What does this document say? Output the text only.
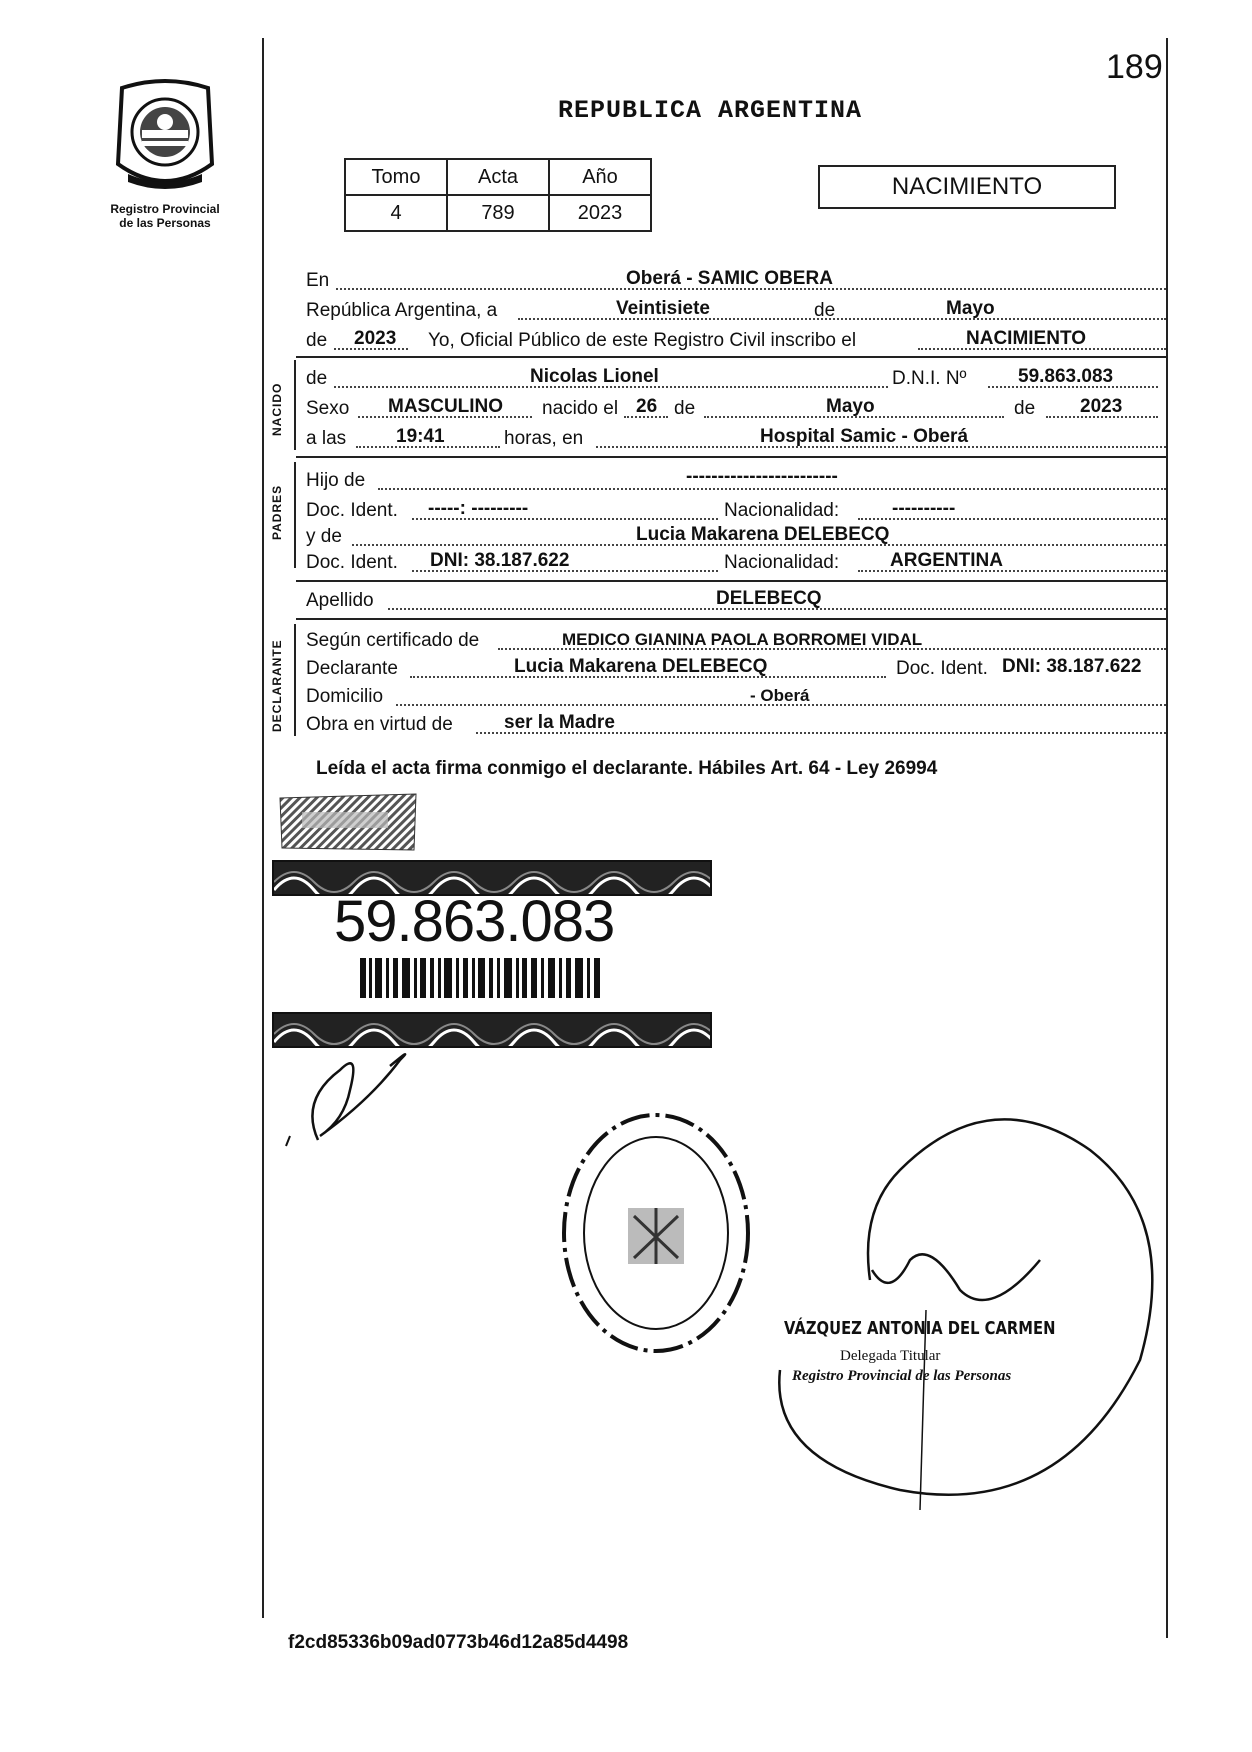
189
Registro Provincial
de las Personas
REPUBLICA ARGENTINA
Tomo	Acta	Año
4	789	2023
NACIMIENTO
En	Oberá - SAMIC OBERA
República Argentina, a	Veintisiete	de	Mayo
de 2023 Yo, Oficial Público de este Registro Civil inscribo el	NACIMIENTO
NACIDO
de	Nicolas Lionel	D.N.I. Nº	59.863.083
Sexo MASCULINO nacido el 26 de	Mayo	de 2023
a las	19:41	horas, en	Hospital Samic - Oberá
PADRES
Hijo de	------------------------
Doc. Ident. -----: ---------	Nacionalidad:	----------
y de	Lucia Makarena DELEBECQ
Doc. Ident. DNI: 38.187.622	Nacionalidad:	ARGENTINA
Apellido	DELEBECQ
DECLARANTE Según certificado de	MEDICO GIANINA PAOLA BORROMEI VIDAL
Declarante	Lucia Makarena DELEBECQ	Doc. Ident. DNI: 38.187.622
Domicilio	- Oberá
Obra en virtud de	ser la Madre
Leída el acta firma conmigo el declarante. Hábiles Art. 64 - Ley 26994
59.863.083
VÁZQUEZ ANTONIA DEL CARMEN
Delegada Titular
Registro Provincial de las Personas
f2cd85336b09ad0773b46d12a85d4498
